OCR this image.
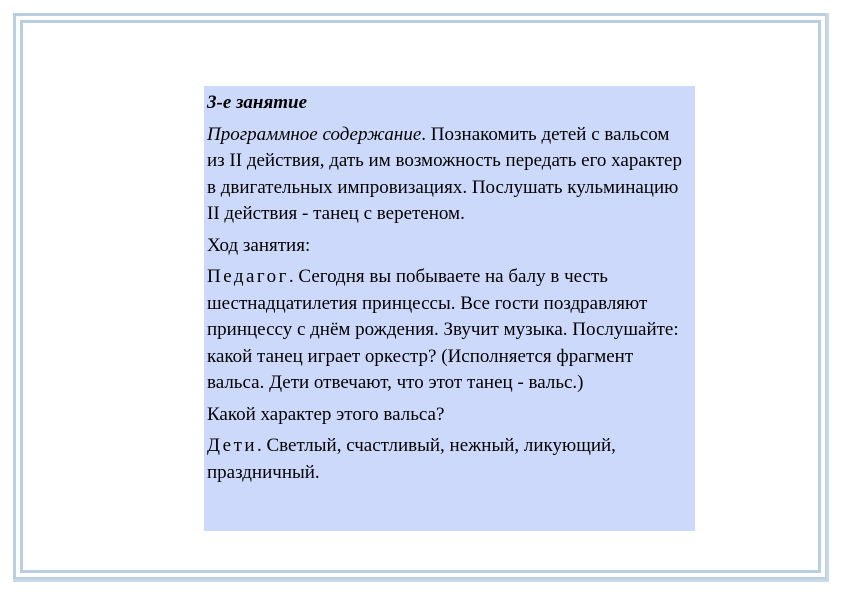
3-е занятие

Программное содержание. Познакомить детей с вальсом из II действия, дать им возможность передать его характер в двигательных импровизациях. Послушать кульминацию II действия - танец с веретеном.

Ход занятия:

Педагог. Сегодня вы побываете на балу в честь шестнадцатилетия принцессы. Все гости поздравляют принцессу с днём рождения. Звучит музыка. Послушайте: какой танец играет оркестр? (Исполняется фрагмент вальса. Дети отвечают, что этот танец - вальс.)

Какой характер этого вальса?

Дети. Светлый, счастливый, нежный, ликующий, праздничный.
